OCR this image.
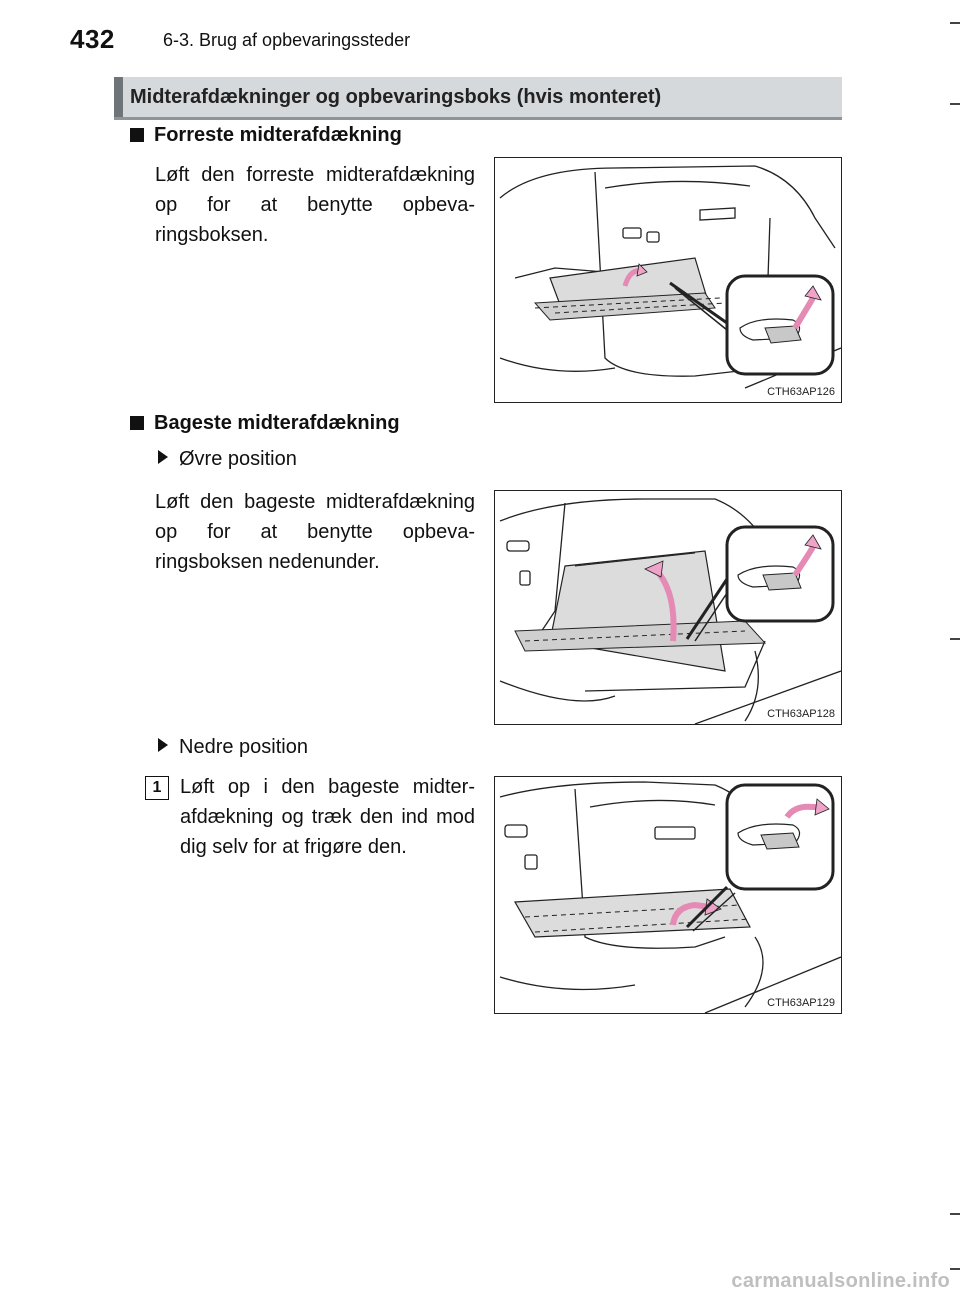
432	6-3. Brug af opbevaringssteder
Midterafdækninger og opbevaringsboks (hvis monteret)
Forreste midterafdækning
Løft den forreste midterafdækning op for at benytte opbevaringsboksen.
CTH63AP126
Bageste midterafdækning
Øvre position
Løft den bageste midterafdækning op for at benytte opbevaringsboksen nedenunder.
CTH63AP128
Nedre position
1 Løft op i den bageste midterafdækning og træk den ind mod dig selv for at frigøre den.
CTH63AP129
carmanualsonline.info
